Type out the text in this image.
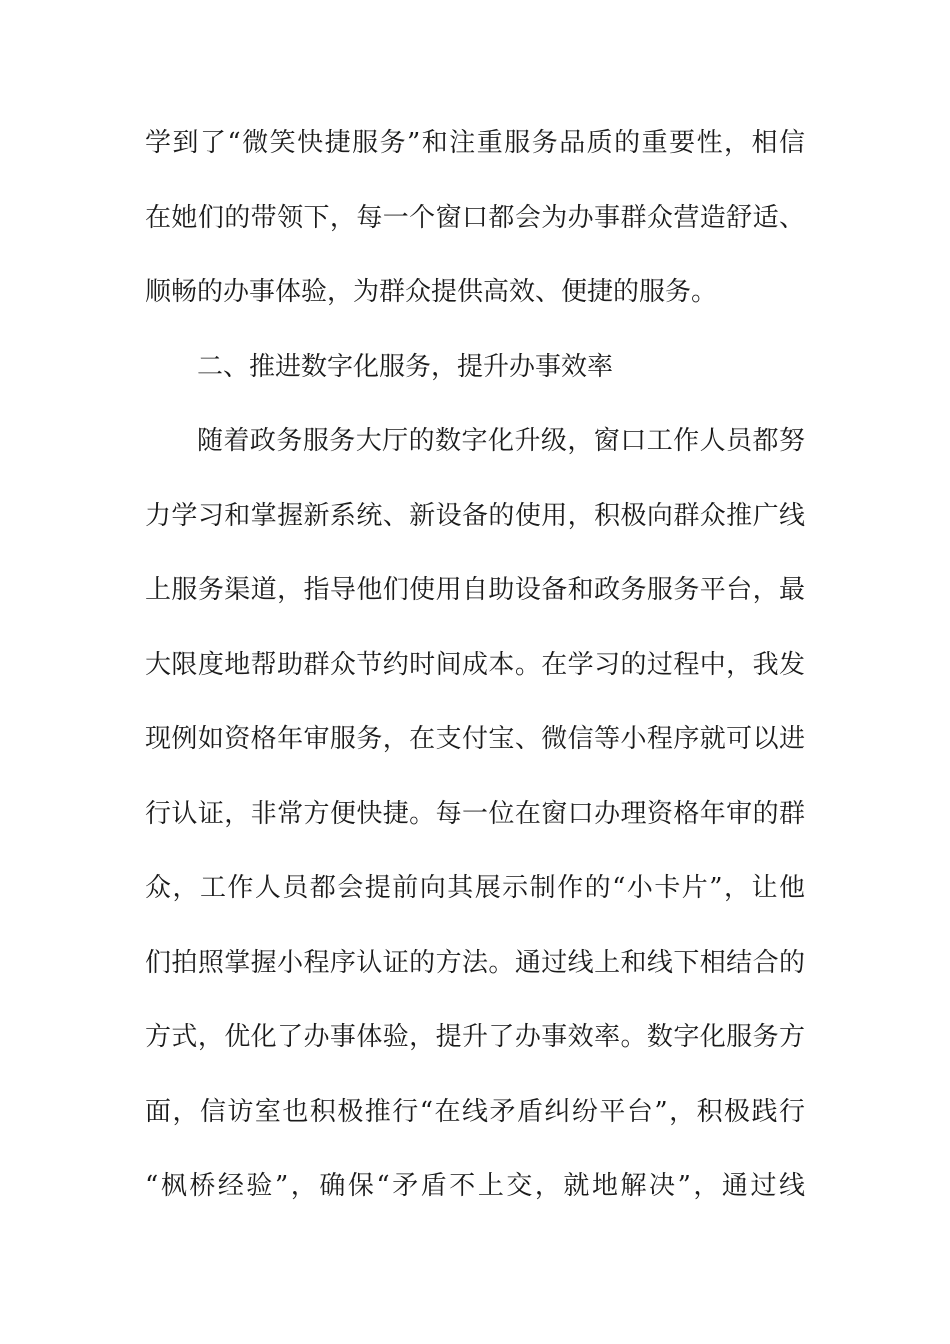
学到了“微笑快捷服务”和注重服务品质的重要性，相信
在她们的带领下，每一个窗口都会为办事群众营造舒适、
顺畅的办事体验，为群众提供高效、便捷的服务。
二、推进数字化服务，提升办事效率
随着政务服务大厅的数字化升级，窗口工作人员都努
力学习和掌握新系统、新设备的使用，积极向群众推广线
上服务渠道，指导他们使用自助设备和政务服务平台，最
大限度地帮助群众节约时间成本。在学习的过程中，我发
现例如资格年审服务，在支付宝、微信等小程序就可以进
行认证，非常方便快捷。每一位在窗口办理资格年审的群
众，工作人员都会提前向其展示制作的“小卡片”，让他
们拍照掌握小程序认证的方法。通过线上和线下相结合的
方式，优化了办事体验，提升了办事效率。数字化服务方
面，信访室也积极推行“在线矛盾纠纷平台”，积极践行
“枫桥经验”，确保“矛盾不上交，就地解决”，通过线
